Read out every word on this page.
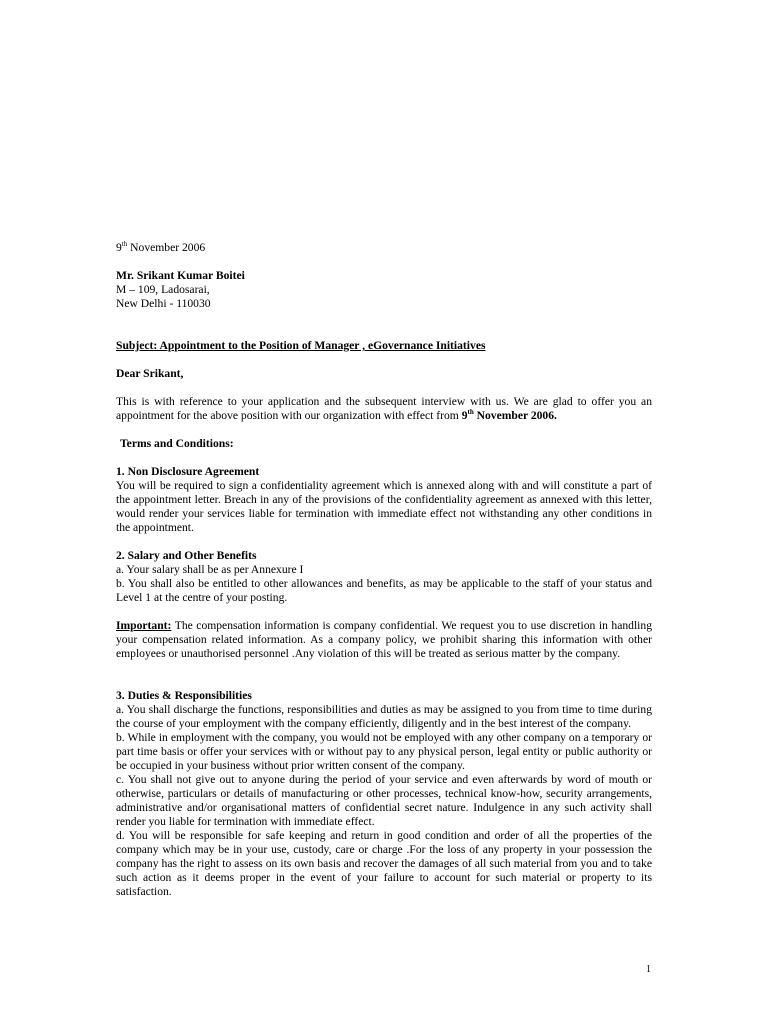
9th November 2006

Mr. Srikant Kumar Boitei

M – 109, Ladosarai,

New Delhi - 110030

Subject: Appointment to the Position of Manager , eGovernance Initiatives

Dear Srikant,

This is with reference to your application and the subsequent interview with us. We are glad to offer you an appointment for the above position with our organization with effect from 9th November 2006.

Terms and Conditions:

1. Non Disclosure Agreement

You will be required to sign a confidentiality agreement which is annexed along with and will constitute a part of the appointment letter. Breach in any of the provisions of the confidentiality agreement as annexed with this letter, would render your services liable for termination with immediate effect not withstanding any other conditions in the appointment.

2. Salary and Other Benefits

a. Your salary shall be as per Annexure I

b. You shall also be entitled to other allowances and benefits, as may be applicable to the staff of your status and Level 1 at the centre of your posting.

Important: The compensation information is company confidential. We request you to use discretion in handling your compensation related information. As a company policy, we prohibit sharing this information with other employees or unauthorised personnel .Any violation of this will be treated as serious matter by the company.

3. Duties & Responsibilities

a. You shall discharge the functions, responsibilities and duties as may be assigned to you from time to time during the course of your employment with the company efficiently, diligently and in the best interest of the company.

b. While in employment with the company, you would not be employed with any other company on a temporary or part time basis or offer your services with or without pay to any physical person, legal entity or public authority or be occupied in your business without prior written consent of the company.

c. You shall not give out to anyone during the period of your service and even afterwards by word of mouth or otherwise, particulars or details of manufacturing or other processes, technical know-how, security arrangements, administrative and/or organisational matters of confidential secret nature. Indulgence in any such activity shall render you liable for termination with immediate effect.

d. You will be responsible for safe keeping and return in good condition and order of all the properties of the company which may be in your use, custody, care or charge .For the loss of any property in your possession the company has the right to assess on its own basis and recover the damages of all such material from you and to take such action as it deems proper in the event of your failure to account for such material or property to its satisfaction.

1
